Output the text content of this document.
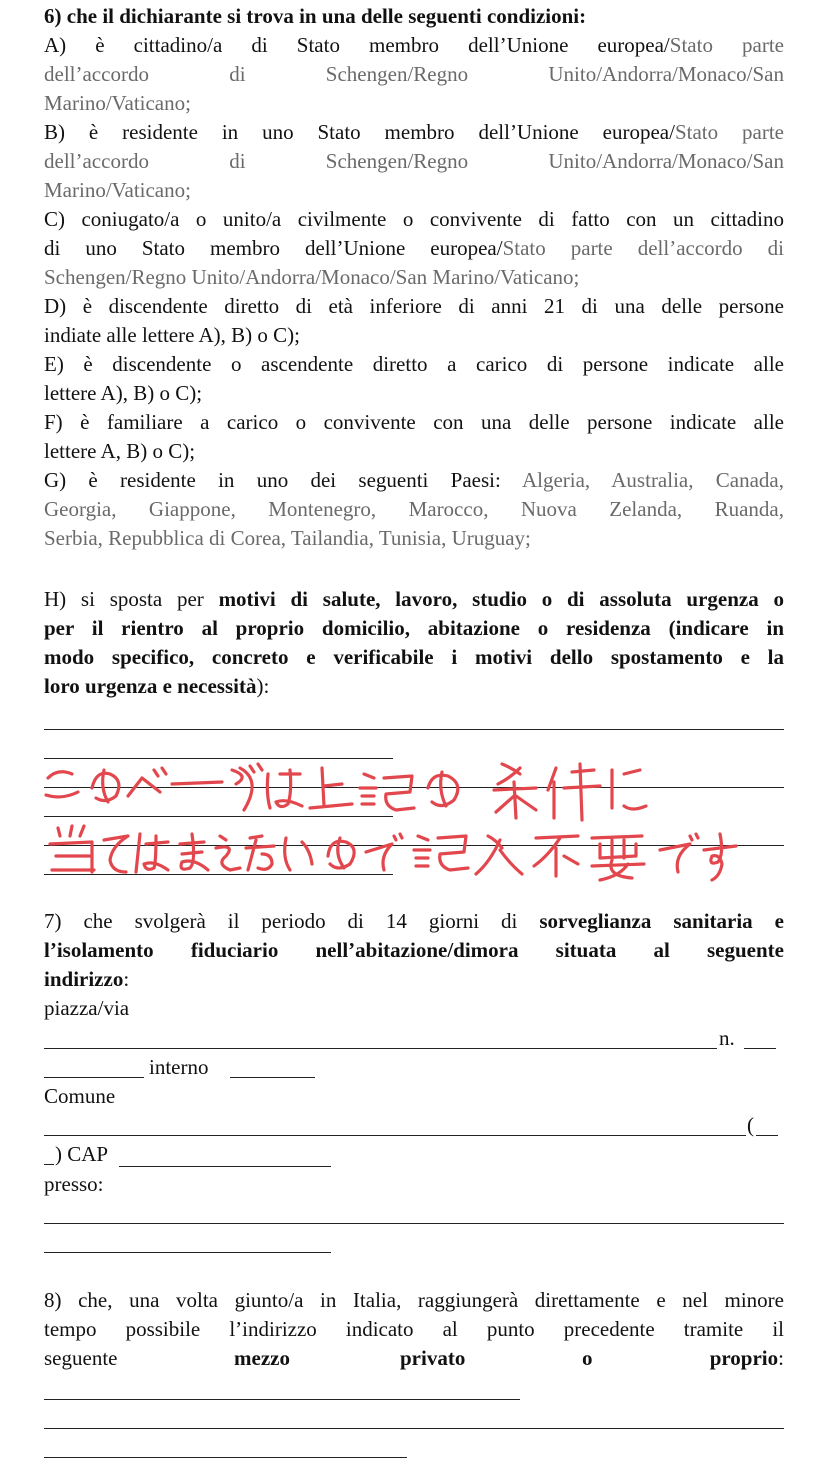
6) che il dichiarante si trova in una delle seguenti condizioni:
A) è cittadino/a di Stato membro dell’Unione europea/Stato parte
dell’accordo di Schengen/Regno Unito/Andorra/Monaco/San
Marino/Vaticano;
B) è residente in uno Stato membro dell’Unione europea/Stato parte
dell’accordo di Schengen/Regno Unito/Andorra/Monaco/San
Marino/Vaticano;
C) coniugato/a o unito/a civilmente o convivente di fatto con un cittadino
di uno Stato membro dell’Unione europea/Stato parte dell’accordo di
Schengen/Regno Unito/Andorra/Monaco/San Marino/Vaticano;
D) è discendente diretto di età inferiore di anni 21 di una delle persone
indiate alle lettere A), B) o C);
E) è discendente o ascendente diretto a carico di persone indicate alle
lettere A), B) o C);
F) è familiare a carico o convivente con una delle persone indicate alle
lettere A, B) o C);
G) è residente in uno dei seguenti Paesi: Algeria, Australia, Canada,
Georgia, Giappone, Montenegro, Marocco, Nuova Zelanda, Ruanda,
Serbia, Repubblica di Corea, Tailandia, Tunisia, Uruguay;
H) si sposta per motivi di salute, lavoro, studio o di assoluta urgenza o
per il rientro al proprio domicilio, abitazione o residenza (indicare in
modo specifico, concreto e verificabile i motivi dello spostamento e la
loro urgenza e necessità):
7) che svolgerà il periodo di 14 giorni di sorveglianza sanitaria e
l’isolamento fiduciario nell’abitazione/dimora situata al seguente
indirizzo:
piazza/via
n.
interno
Comune
(
) CAP
presso:
8) che, una volta giunto/a in Italia, raggiungerà direttamente e nel minore
tempo possibile l’indirizzo indicato al punto precedente tramite il
seguente	mezzo	privato	o	proprio:
